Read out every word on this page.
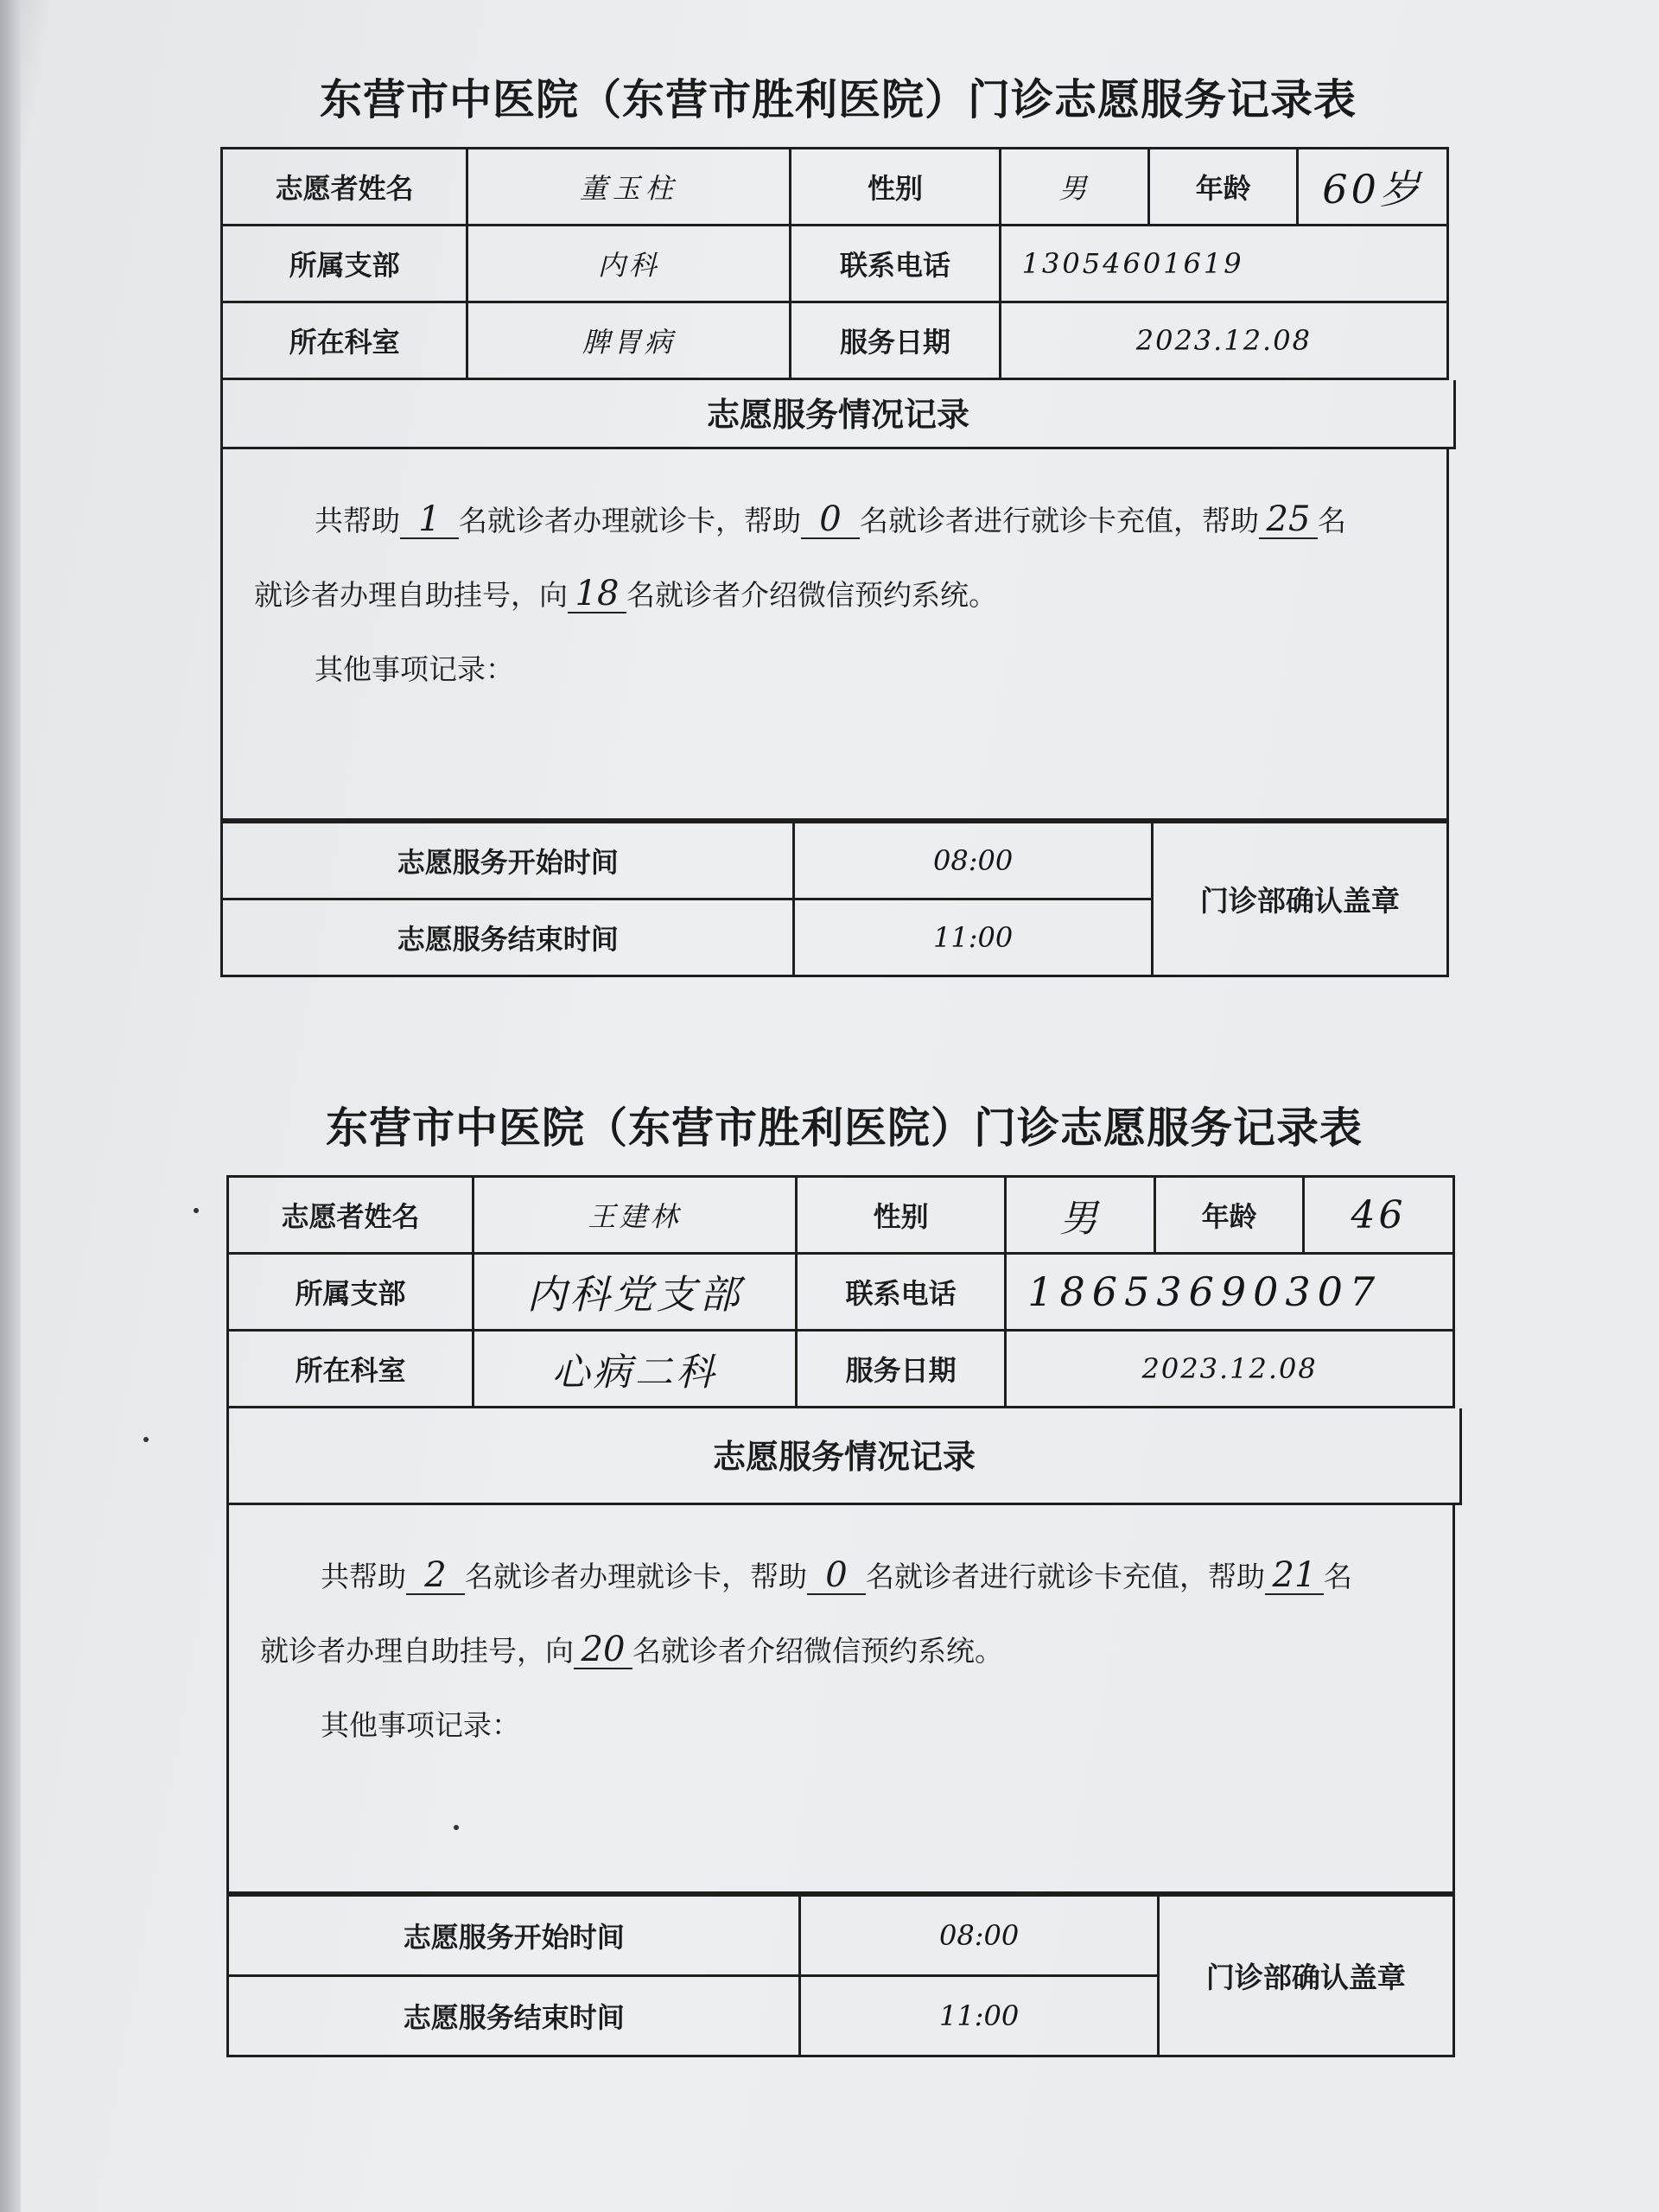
东营市中医院（东营市胜利医院）门诊志愿服务记录表
志愿者姓名	董玉柱	性别	男	年龄	60岁
所属支部	内科	联系电话	13054601619		
所在科室	脾胃病	服务日期	2023.12.08		
志愿服务情况记录
共帮助 1 名就诊者办理就诊卡，帮助 0 名就诊者进行就诊卡充值，帮助 25 名
就诊者办理自助挂号，向 18 名就诊者介绍微信预约系统。
其他事项记录：
志愿服务开始时间	08:00	门诊部确认盖章
志愿服务结束时间	11:00	
东营市中医院（东营市胜利医院）门诊志愿服务记录表
志愿者姓名	王建林	性别	男	年龄	46
所属支部	内科党支部	联系电话	18653690307		
所在科室	心病二科	服务日期	2023.12.08		
志愿服务情况记录
共帮助 2 名就诊者办理就诊卡，帮助 0 名就诊者进行就诊卡充值，帮助 21 名
就诊者办理自助挂号，向 20 名就诊者介绍微信预约系统。
其他事项记录：
志愿服务开始时间	08:00	门诊部确认盖章
志愿服务结束时间	11:00	
